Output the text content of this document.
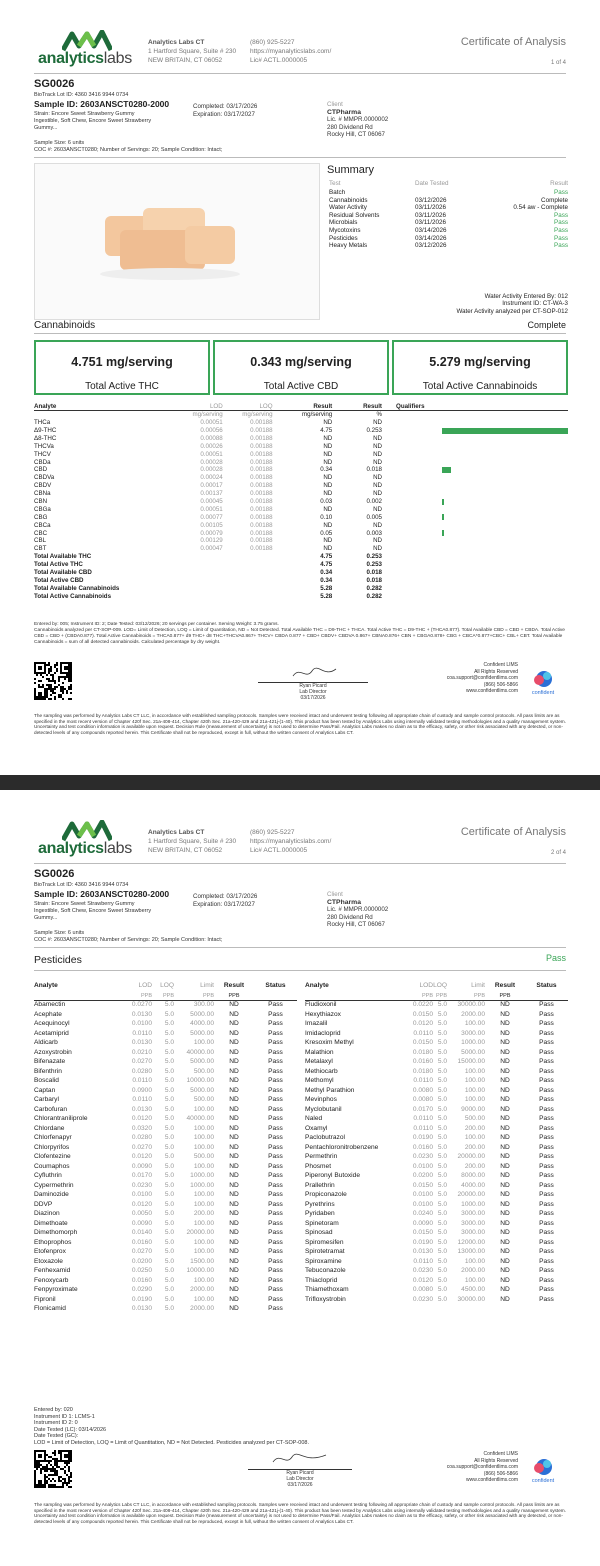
analyticslabs
Analytics Labs CT
1 Hartford Square, Suite # 230
NEW BRITAIN, CT 06052
(860) 925-5227
https://myanalyticslabs.com/
Lic# ACTL.0000005
Certificate of Analysis
1 of 4
SG0026
BioTrack Lot ID: 4360 3416 9944 0734
Sample ID: 2603ANSCT0280-2000
Strain: Encore Sweet Strawberry Gummy
Ingestible, Soft Chew, Encore Sweet Strawberry
Gummy...
Completed: 03/17/2026
Expiration: 03/17/2027
Client
CTPharma
Lic. # MMPR.0000002
280 Dividend Rd
Rocky Hill, CT 06067
Sample Size: 6 units
COC #: 2603ANSCT0280; Number of Servings: 20; Sample Condition: Intact;
Summary
Test	Date Tested	Result
Batch	Pass
Cannabinoids	03/12/2026	Complete
Water Activity	03/11/2026	0.54 aw - Complete
Residual Solvents	03/11/2026	Pass
Microbials	03/11/2026	Pass
Mycotoxins	03/14/2026	Pass
Pesticides	03/14/2026	Pass
Heavy Metals	03/12/2026	Pass
Water Activity Entered By: 012
Instrument ID: CT-WA-3
Water Activity analyzed per CT-SOP-012
Cannabinoids	Complete
4.751 mg/serving
Total Active THC
0.343 mg/serving
Total Active CBD
5.279 mg/serving
Total Active Cannabinoids
Analyte	LOD	LOQ	Result	Result	Qualifiers
	mg/serving	mg/serving	mg/serving	%	
THCa	0.00051	0.00188	ND	ND	
Δ9-THC	0.00056	0.00188	4.75	0.253	

Δ8-THC	0.00088	0.00188	ND	ND	
THCVa	0.00026	0.00188	ND	ND	
THCV	0.00051	0.00188	ND	ND	
CBDa	0.00028	0.00188	ND	ND	
CBD	0.00028	0.00188	0.34	0.018	

CBDVa	0.00024	0.00188	ND	ND	
CBDV	0.00017	0.00188	ND	ND	
CBNa	0.00137	0.00188	ND	ND	
CBN	0.00045	0.00188	0.03	0.002	

CBGa	0.00051	0.00188	ND	ND	
CBG	0.00077	0.00188	0.10	0.005	

CBCa	0.00105	0.00188	ND	ND	
CBC	0.00079	0.00188	0.05	0.003	

CBL	0.00129	0.00188	ND	ND	
CBT	0.00047	0.00188	ND	ND	
Total Available THC			4.75	0.253	
Total Active THC			4.75	0.253	
Total Available CBD			0.34	0.018	
Total Active CBD			0.34	0.018	
Total Available Cannabinoids			5.28	0.282	
Total Active Cannabinoids			5.28	0.282	
Entered by: 005; Instrument ID: 2; Date Tested: 03/12/2026; 20 servings per container. Serving Weight: 3.75 grams.
Cannabinoids analyzed per CT-SOP-009. LOD= Limit of Detection, LOQ = Limit of Quantitation, ND = Not Detected. Total Available THC = D9-THC + THCA. Total Active THC = D9-THC + (THCA0.877). Total Available CBD = CBD + CBDA. Total Active CBD = CBD + (CBDA0.877). Total Active Cannabinoids = THCA0.877+ d9 THC+ d8 THC+THCVA0.867+ THCV+ CBDA 0.877 + CBD+ CBDV+ CBDVA 0.867+ CBNA0.876+ CBN + CBGA0.878+ CBG + CBCA*0.877+CBC+ CBL+ CBT. Total Available Cannabinoids = sum of all detected cannabinoids. Calculated percentage by dry weight.
Ryan Picard
Lab Director
03/17/2026
Confident LIMS
All Rights Reserved
coa.support@confidentlims.com
(866) 506-5866
www.confidentlims.com	confident
The sampling was performed by Analytics Labs CT LLC, in accordance with established sampling protocols. Samples were received intact and underwent testing following all appropriate chain of custody and sample control protocols. All pass limits are as specified in the most recent version of Chapter 420f Sec. 21a-408-414, Chapter 420h Sec. 21a-420-429 and 21a-421j-(1-40). This product has been tested by Analytics Labs using internally validated testing methodologies and a quality management system. Uncertainty and test condition information is available upon request. Decision Rule (measurement of uncertainty) is not used to determine Pass/Fail. Analytics Labs makes no claim as to the efficacy, safety, or other risk associated with any detected, or non-detected levels of any compounds reported herein. This Certificate shall not be reproduced, except in full, without the written consent of Analytics Labs CT.
analyticslabs
Analytics Labs CT
1 Hartford Square, Suite # 230
NEW BRITAIN, CT 06052
(860) 925-5227
https://myanalyticslabs.com/
Lic# ACTL.0000005
Certificate of Analysis
2 of 4
SG0026
BioTrack Lot ID: 4360 3416 9944 0734
Sample ID: 2603ANSCT0280-2000
Strain: Encore Sweet Strawberry Gummy
Ingestible, Soft Chew, Encore Sweet Strawberry
Gummy...
Completed: 03/17/2026
Expiration: 03/17/2027
Client
CTPharma
Lic. # MMPR.0000002
280 Dividend Rd
Rocky Hill, CT 06067
Sample Size: 6 units
COC #: 2603ANSCT0280; Number of Servings: 20; Sample Condition: Intact;
Pesticides	Pass
Entered by: 020
Instrument ID 1: LCMS-1
Instrument ID 2: 0
Date Tested (LC): 03/14/2026
Date Tested (GC):
LOD = Limit of Detection, LOQ = Limit of Quantitation, ND = Not Detected. Pesticides analyzed per CT-SOP-008.
Ryan Picard
Lab Director
03/17/2026
Confident LIMS
All Rights Reserved
coa.support@confidentlims.com
(866) 506-5866
www.confidentlims.com	confident
The sampling was performed by Analytics Labs CT LLC, in accordance with established sampling protocols. Samples were received intact and underwent testing following all appropriate chain of custody and sample control protocols. All pass limits are as specified in the most recent version of Chapter 420f Sec. 21a-408-414, Chapter 420h Sec. 21a-420-429 and 21a-421j-(1-40). This product has been tested by Analytics Labs using internally validated testing methodologies and a quality management system. Uncertainty and test condition information is available upon request. Decision Rule (measurement of uncertainty) is not used to determine Pass/Fail. Analytics Labs makes no claim as to the efficacy, safety, or other risk associated with any detected, or non-detected levels of any compounds reported herein. This Certificate shall not be reproduced, except in full, without the written consent of Analytics Labs CT.
Analyte	LOD	LOQ	Limit	Result	Status
	PPB	PPB	PPB	PPB	
Abamectin	0.0270	5.0	300.00	ND	Pass
Acephate	0.0130	5.0	5000.00	ND	Pass
Acequinocyl	0.0100	5.0	4000.00	ND	Pass
Acetamiprid	0.0110	5.0	5000.00	ND	Pass
Aldicarb	0.0130	5.0	100.00	ND	Pass
Azoxystrobin	0.0210	5.0	40000.00	ND	Pass
Bifenazate	0.0270	5.0	5000.00	ND	Pass
Bifenthrin	0.0280	5.0	500.00	ND	Pass
Boscalid	0.0110	5.0	10000.00	ND	Pass
Captan	0.0900	5.0	5000.00	ND	Pass
Carbaryl	0.0110	5.0	500.00	ND	Pass
Carbofuran	0.0130	5.0	100.00	ND	Pass
Chlorantraniliprole	0.0120	5.0	40000.00	ND	Pass
Chlordane	0.0320	5.0	100.00	ND	Pass
Chlorfenapyr	0.0280	5.0	100.00	ND	Pass
Chlorpyrifos	0.0270	5.0	100.00	ND	Pass
Clofentezine	0.0120	5.0	500.00	ND	Pass
Coumaphos	0.0090	5.0	100.00	ND	Pass
Cyfluthrin	0.0170	5.0	1000.00	ND	Pass
Cypermethrin	0.0230	5.0	1000.00	ND	Pass
Daminozide	0.0100	5.0	100.00	ND	Pass
DDVP	0.0120	5.0	100.00	ND	Pass
Diazinon	0.0050	5.0	200.00	ND	Pass
Dimethoate	0.0090	5.0	100.00	ND	Pass
Dimethomorph	0.0140	5.0	20000.00	ND	Pass
Ethoprophos	0.0160	5.0	100.00	ND	Pass
Etofenprox	0.0270	5.0	100.00	ND	Pass
Etoxazole	0.0200	5.0	1500.00	ND	Pass
Fenhexamid	0.0250	5.0	10000.00	ND	Pass
Fenoxycarb	0.0160	5.0	100.00	ND	Pass
Fenpyroximate	0.0290	5.0	2000.00	ND	Pass
Fipronil	0.0190	5.0	100.00	ND	Pass
Flonicamid	0.0130	5.0	2000.00	ND	Pass
Analyte	LOD	LOQ	Limit	Result	Status
	PPB	PPB	PPB	PPB	
Fludioxonil	0.0220	5.0	30000.00	ND	Pass
Hexythiazox	0.0150	5.0	2000.00	ND	Pass
Imazalil	0.0120	5.0	100.00	ND	Pass
Imidacloprid	0.0110	5.0	3000.00	ND	Pass
Kresoxim Methyl	0.0150	5.0	1000.00	ND	Pass
Malathion	0.0180	5.0	5000.00	ND	Pass
Metalaxyl	0.0160	5.0	15000.00	ND	Pass
Methiocarb	0.0180	5.0	100.00	ND	Pass
Methomyl	0.0110	5.0	100.00	ND	Pass
Methyl Parathion	0.0080	5.0	100.00	ND	Pass
Mevinphos	0.0080	5.0	100.00	ND	Pass
Myclobutanil	0.0170	5.0	9000.00	ND	Pass
Naled	0.0110	5.0	500.00	ND	Pass
Oxamyl	0.0110	5.0	200.00	ND	Pass
Paclobutrazol	0.0190	5.0	100.00	ND	Pass
Pentachloronitrobenzene	0.0160	5.0	200.00	ND	Pass
Permethrin	0.0230	5.0	20000.00	ND	Pass
Phosmet	0.0100	5.0	200.00	ND	Pass
Piperonyl Butoxide	0.0200	5.0	8000.00	ND	Pass
Prallethrin	0.0150	5.0	4000.00	ND	Pass
Propiconazole	0.0100	5.0	20000.00	ND	Pass
Pyrethrins	0.0100	5.0	1000.00	ND	Pass
Pyridaben	0.0240	5.0	3000.00	ND	Pass
Spinetoram	0.0090	5.0	3000.00	ND	Pass
Spinosad	0.0150	5.0	3000.00	ND	Pass
Spiromesifen	0.0190	5.0	12000.00	ND	Pass
Spirotetramat	0.0130	5.0	13000.00	ND	Pass
Spiroxamine	0.0110	5.0	100.00	ND	Pass
Tebuconazole	0.0230	5.0	2000.00	ND	Pass
Thiacloprid	0.0120	5.0	100.00	ND	Pass
Thiamethoxam	0.0080	5.0	4500.00	ND	Pass
Trifloxystrobin	0.0230	5.0	30000.00	ND	Pass
